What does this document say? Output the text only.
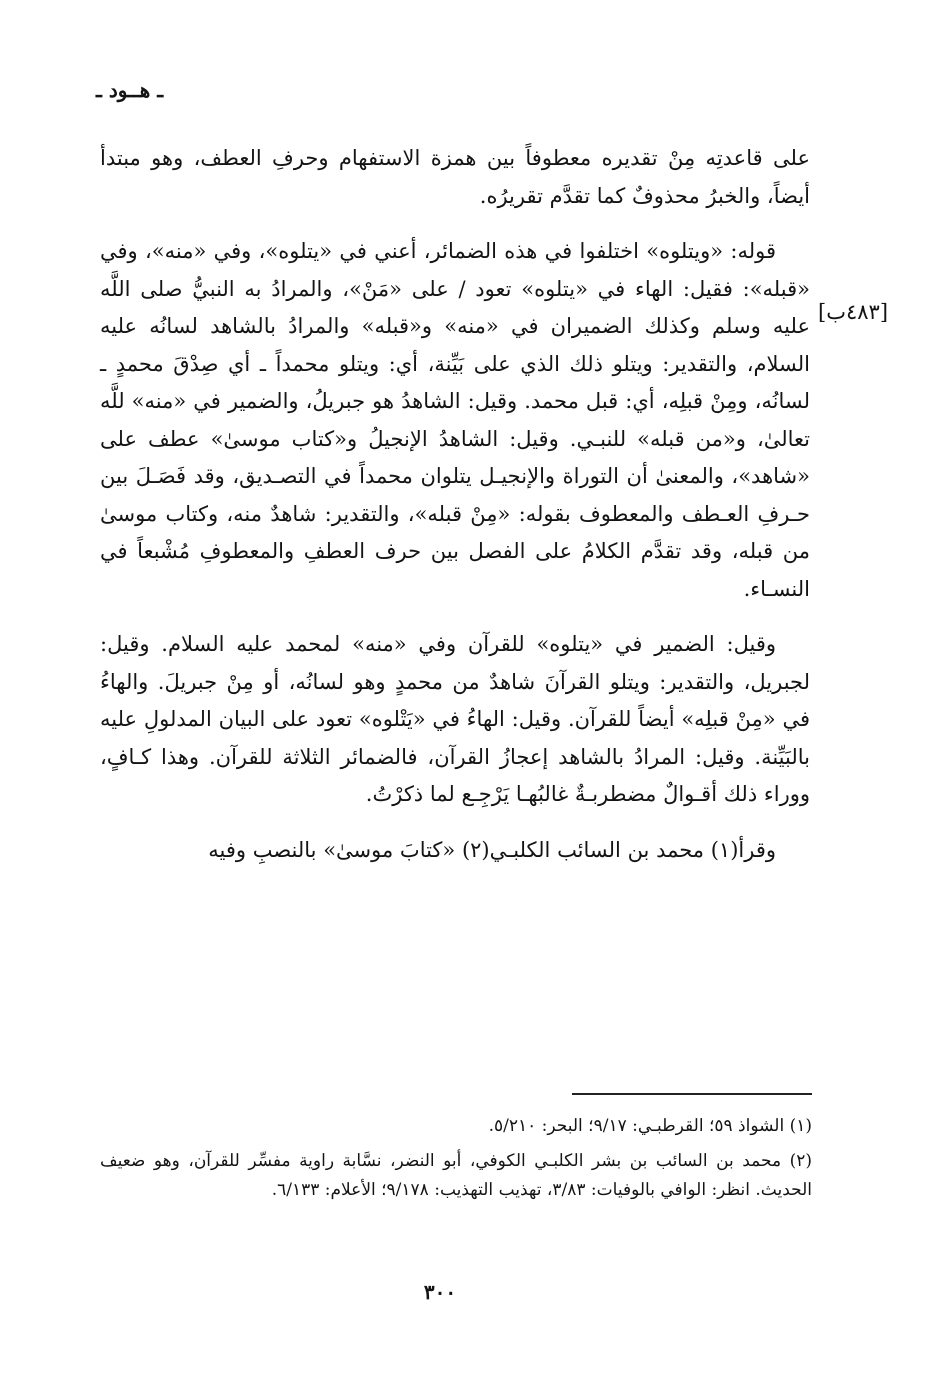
ـ هــود ـ
[٤٨٣ب]

على قاعدتِه مِنْ تقديره معطوفاً بين همزة الاستفهام وحرفِ العطف، وهو مبتدأ أيضاً، والخبرُ محذوفٌ كما تقدَّم تقريرُه.

قوله: «ويتلوه» اختلفوا في هذه الضمائر، أعني في «يتلوه»، وفي «منه»، وفي «قبله»: فقيل: الهاء في «يتلوه» تعود / على «مَنْ»، والمرادُ به النبيُّ صلى اللَّه عليه وسلم وكذلك الضميران في «منه» و«قبله» والمرادُ بالشاهد لسانُه عليه السلام، والتقدير: ويتلو ذلك الذي على بَيِّنة، أي: ويتلو محمداً ـ أي صِدْقَ محمدٍ ـ لسانُه، ومِنْ قبلِه، أي: قبل محمد. وقيل: الشاهدُ هو جبريلُ، والضمير في «منه» للَّه تعالىٰ، و«من قبله» للنبـي. وقيل: الشاهدُ الإنجيلُ و«كتاب موسىٰ» عطف على «شاهد»، والمعنىٰ أن التوراة والإنجيـل يتلوان محمداً في التصـديق، وقد فَصَـلَ بين حـرفِ العـطف والمعطوف بقوله: «مِنْ قبله»، والتقدير: شاهدٌ منه، وكتاب موسىٰ من قبله، وقد تقدَّم الكلامُ على الفصل بين حرف العطفِ والمعطوفِ مُشْبعاً في النسـاء.

وقيل: الضمير في «يتلوه» للقرآن وفي «منه» لمحمد عليه السلام. وقيل: لجبريل، والتقدير: ويتلو القرآنَ شاهدٌ من محمدٍ وهو لسانُه، أو مِنْ جبريلَ. والهاءُ في «مِنْ قبلِه» أيضاً للقرآن. وقيل: الهاءُ في «يَتْلوه» تعود على البيان المدلولِ عليه بالبَيِّنة. وقيل: المرادُ بالشاهد إعجازُ القرآن، فالضمائر الثلاثة للقرآن. وهذا كـافٍ، ووراء ذلك أقـوالٌ مضطربـةٌ غالبُهـا يَرْجِـع لما ذكرْتُ.

وقرأ(١) محمد بن السائب الكلبـي(٢) «كتابَ موسىٰ» بالنصبِ وفيه

(١) الشواذ ٥٩؛ القرطبـي: ٩/١٧؛ البحر: ٥/٢١٠.

(٢) محمد بن السائب بن بشر الكلبـي الكوفي، أبو النضر، نسَّابة راوية مفسِّر للقرآن، وهو ضعيف الحديث. انظر: الوافي بالوفيات: ٣/٨٣، تهذيب التهذيب: ٩/١٧٨؛ الأعلام: ٦/١٣٣.

٣٠٠
